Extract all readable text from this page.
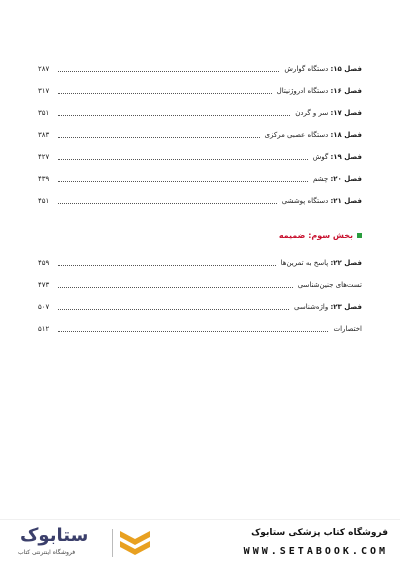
فصل ۱۵: دستگاه گوارش
۲۸۷
فصل ۱۶: دستگاه ادروژنیتال
۳۱۷
فصل ۱۷: سر و گردن
۳۵۱
فصل ۱۸: دستگاه عصبی مرکزی
۳۸۳
فصل ۱۹: گوش
۴۲۷
فصل ۲۰: چشم
۴۳۹
فصل ۲۱: دستگاه پوششی
۴۵۱
بخش سوم: ضمیمه
فصل ۲۲: پاسخ به تمرین‌ها
۴۵۹
تست‌های جنین‌شناسی
۴۷۳
فصل ۲۳: واژه‌شناسی
۵۰۷
اختصارات
۵۱۲
فروشگاه کتاب پزشکی ستابوک
WWW.SETABOOK.COM
ستابوک
فروشگاه اینترنتی کتاب
